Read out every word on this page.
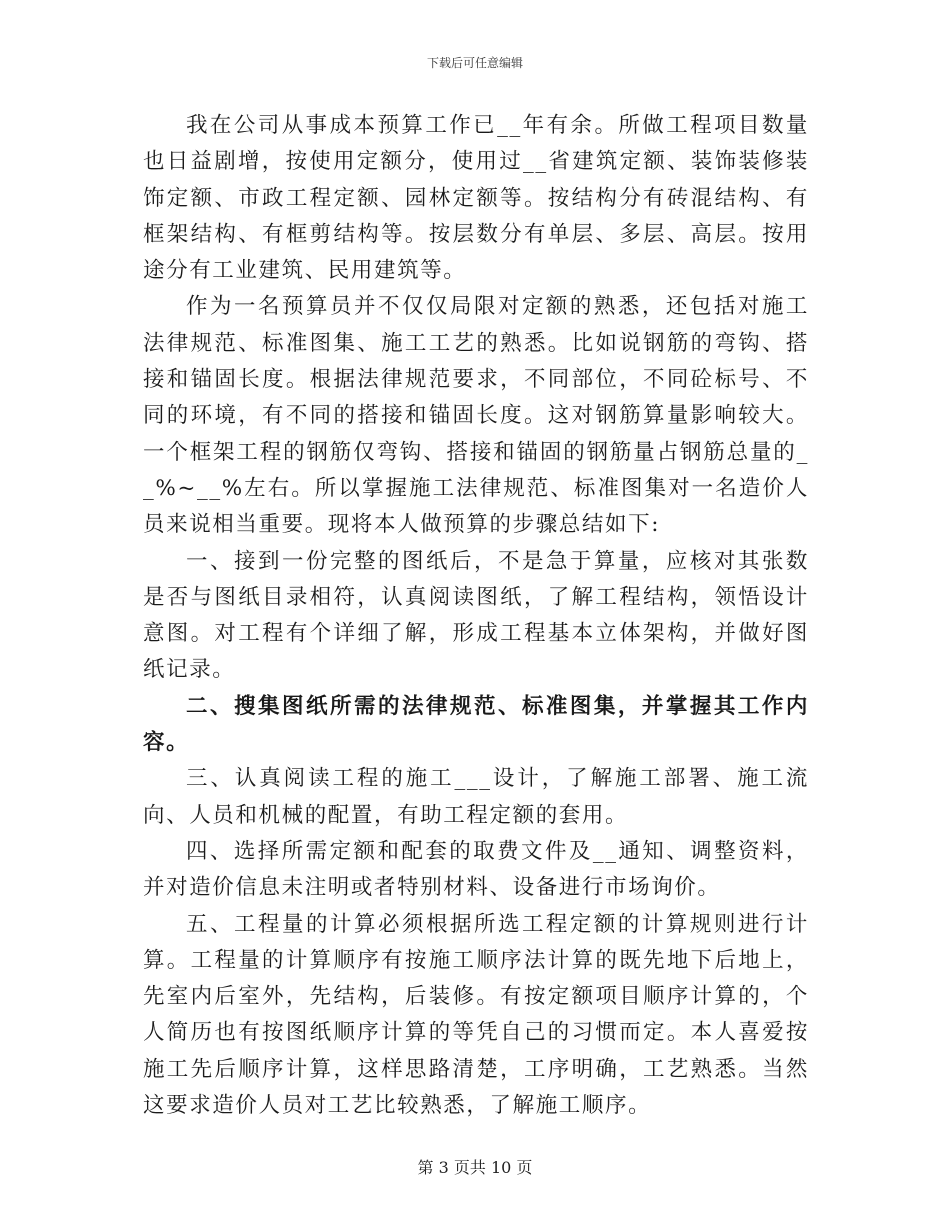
下载后可任意编辑

我在公司从事成本预算工作已__年有余。所做工程项目数量也日益剧增，按使用定额分，使用过__省建筑定额、装饰装修装饰定额、市政工程定额、园林定额等。按结构分有砖混结构、有框架结构、有框剪结构等。按层数分有单层、多层、高层。按用途分有工业建筑、民用建筑等。

作为一名预算员并不仅仅局限对定额的熟悉，还包括对施工法律规范、标准图集、施工工艺的熟悉。比如说钢筋的弯钩、搭接和锚固长度。根据法律规范要求，不同部位，不同砼标号、不同的环境，有不同的搭接和锚固长度。这对钢筋算量影响较大。一个框架工程的钢筋仅弯钩、搭接和锚固的钢筋量占钢筋总量的__%~__%左右。所以掌握施工法律规范、标准图集对一名造价人员来说相当重要。现将本人做预算的步骤总结如下:

一、接到一份完整的图纸后，不是急于算量，应核对其张数是否与图纸目录相符，认真阅读图纸，了解工程结构，领悟设计意图。对工程有个详细了解，形成工程基本立体架构，并做好图纸记录。

二、搜集图纸所需的法律规范、标准图集，并掌握其工作内容。

三、认真阅读工程的施工___设计，了解施工部署、施工流向、人员和机械的配置，有助工程定额的套用。

四、选择所需定额和配套的取费文件及__通知、调整资料，并对造价信息未注明或者特别材料、设备进行市场询价。

五、工程量的计算必须根据所选工程定额的计算规则进行计算。工程量的计算顺序有按施工顺序法计算的既先地下后地上，先室内后室外，先结构，后装修。有按定额项目顺序计算的，个人简历也有按图纸顺序计算的等凭自己的习惯而定。本人喜爱按施工先后顺序计算，这样思路清楚，工序明确，工艺熟悉。当然这要求造价人员对工艺比较熟悉，了解施工顺序。

第 3 页共 10 页
